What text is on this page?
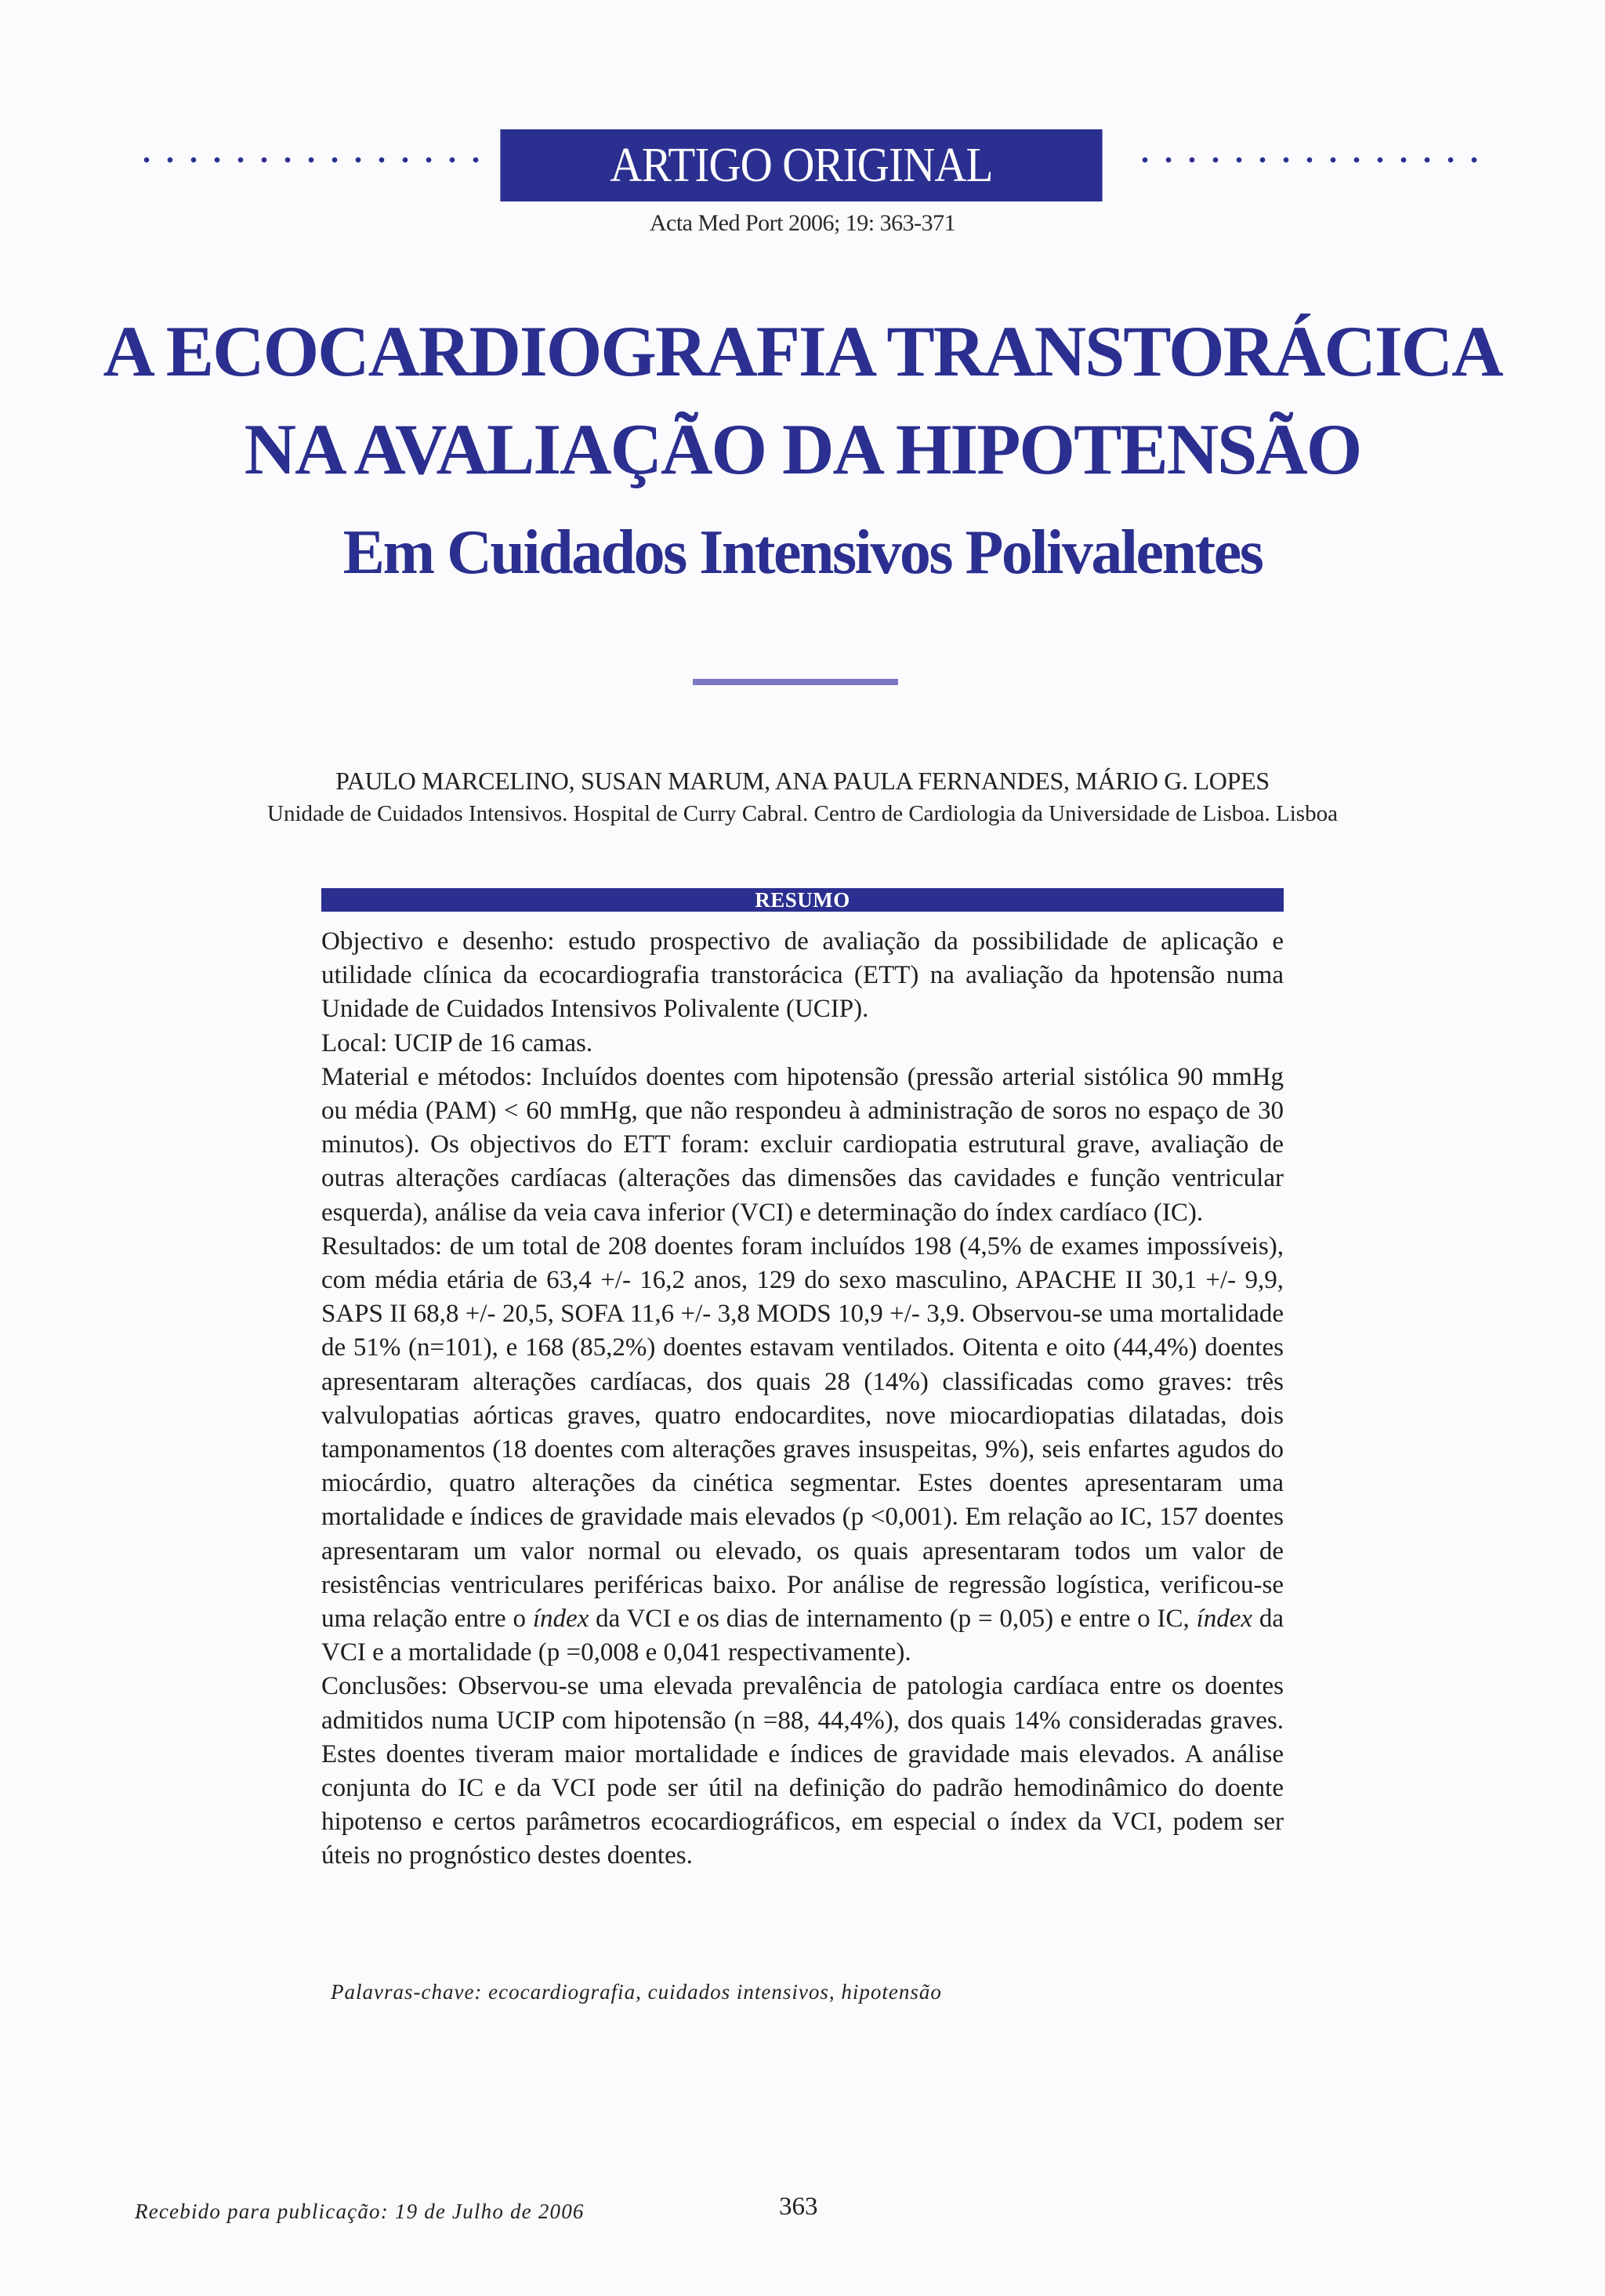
ARTIGO ORIGINAL
Acta Med Port 2006; 19: 363-371
A ECOCARDIOGRAFIA TRANSTORÁCICA
NA AVALIAÇÃO DA HIPOTENSÃO
Em Cuidados Intensivos Polivalentes
PAULO MARCELINO, SUSAN MARUM, ANA PAULA FERNANDES, MÁRIO G. LOPES
Unidade de Cuidados Intensivos. Hospital de Curry Cabral. Centro de Cardiologia da Universidade de Lisboa. Lisboa
RESUMO

Objectivo e desenho: estudo prospectivo de avaliação da possibilidade de aplicação e utilidade clínica da ecocardiografia transtorácica (ETT) na avaliação da hpotensão numa Unidade de Cuidados Intensivos Polivalente (UCIP).

Local: UCIP de 16 camas.

Material e métodos: Incluídos doentes com hipotensão (pressão arterial sistólica 90 mmHg ou média (PAM) < 60 mmHg, que não respondeu à administração de soros no espaço de 30 minutos). Os objectivos do ETT foram: excluir cardiopatia estrutural grave, avaliação de outras alterações cardíacas (alterações das dimensões das cavidades e função ventricular esquerda), análise da veia cava inferior (VCI) e determinação do índex cardíaco (IC).

Resultados: de um total de 208 doentes foram incluídos 198 (4,5% de exames impossíveis), com média etária de 63,4 +/- 16,2 anos, 129 do sexo masculino, APACHE II 30,1 +/- 9,9, SAPS II 68,8 +/- 20,5, SOFA 11,6 +/- 3,8 MODS 10,9 +/- 3,9. Observou-se uma mortalidade de 51% (n=101), e 168 (85,2%) doentes estavam ventilados. Oitenta e oito (44,4%) doentes apresentaram alterações cardíacas, dos quais 28 (14%) classificadas como graves: três valvulopatias aórticas graves, quatro endocardites, nove miocardiopatias dilatadas, dois tamponamentos (18 doentes com alterações graves insuspeitas, 9%), seis enfartes agudos do miocárdio, quatro alterações da cinética segmentar. Estes doentes apresentaram uma mortalidade e índices de gravidade mais elevados (p <0,001). Em relação ao IC, 157 doentes apresentaram um valor normal ou elevado, os quais apresentaram todos um valor de resistências ventriculares periféricas baixo. Por análise de regressão logística, verificou-se uma relação entre o índex da VCI e os dias de internamento (p = 0,05) e entre o IC, índex da VCI e a mortalidade (p =0,008 e 0,041 respectivamente).

Conclusões: Observou-se uma elevada prevalência de patologia cardíaca entre os doentes admitidos numa UCIP com hipotensão (n =88, 44,4%), dos quais 14% consideradas graves. Estes doentes tiveram maior mortalidade e índices de gravidade mais elevados. A análise conjunta do IC e da VCI pode ser útil na definição do padrão hemodinâmico do doente hipotenso e certos parâmetros ecocardiográficos, em especial o índex da VCI, podem ser úteis no prognóstico destes doentes.

Palavras-chave: ecocardiografia, cuidados intensivos, hipotensão
Recebido para publicação: 19 de Julho de 2006	363
